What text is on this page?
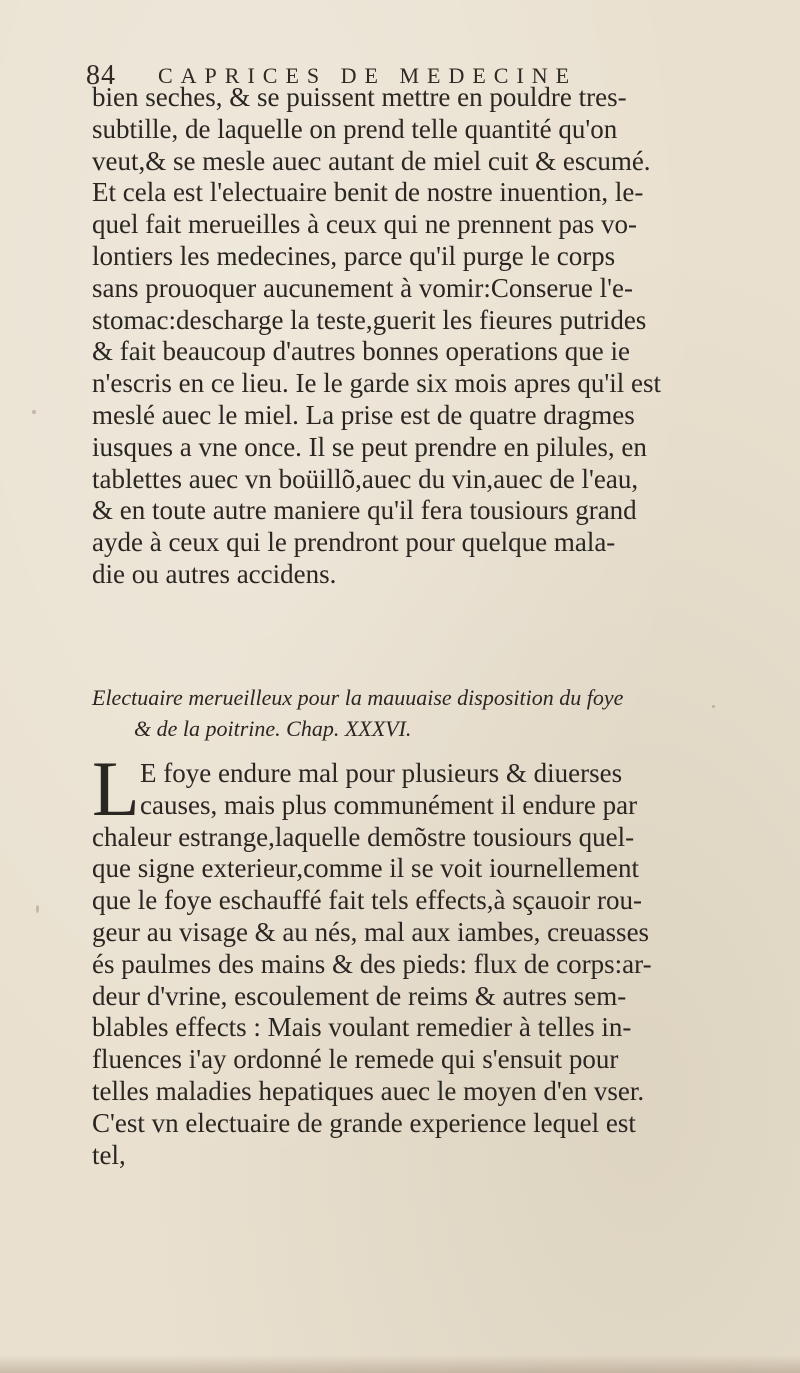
84 CAPRICES DE MEDECINE
bien seches, & se puissent mettre en pouldre tres-
subtille, de laquelle on prend telle quantité qu'on
veut,& se mesle auec autant de miel cuit & escumé.
Et cela est l'electuaire benit de nostre inuention, le-
quel fait merueilles à ceux qui ne prennent pas vo-
lontiers les medecines, parce qu'il purge le corps
sans prouoquer aucunement à vomir:Conserue l'e-
stomac:descharge la teste,guerit les fieures putrides
& fait beaucoup d'autres bonnes operations que ie
n'escris en ce lieu. Ie le garde six mois apres qu'il est
meslé auec le miel. La prise est de quatre dragmes
iusques a vne once. Il se peut prendre en pilules, en
tablettes auec vn boüillõ,auec du vin,auec de l'eau,
& en toute autre maniere qu'il fera tousiours grand
ayde à ceux qui le prendront pour quelque mala-
die ou autres accidens.
Electuaire merueilleux pour la mauuaise disposition du foye
& de la poitrine. Chap. XXXVI.
L E foye endure mal pour plusieurs & diuerses
causes, mais plus communément il endure par
chaleur estrange,laquelle demõstre tousiours quel-
que signe exterieur,comme il se voit iournellement
que le foye eschauffé fait tels effects,à sçauoir rou-
geur au visage & au nés, mal aux iambes, creuasses
és paulmes des mains & des pieds: flux de corps:ar-
deur d'vrine, escoulement de reims & autres sem-
blables effects : Mais voulant remedier à telles in-
fluences i'ay ordonné le remede qui s'ensuit pour
telles maladies hepatiques auec le moyen d'en vser.
C'est vn electuaire de grande experience lequel est
tel,
